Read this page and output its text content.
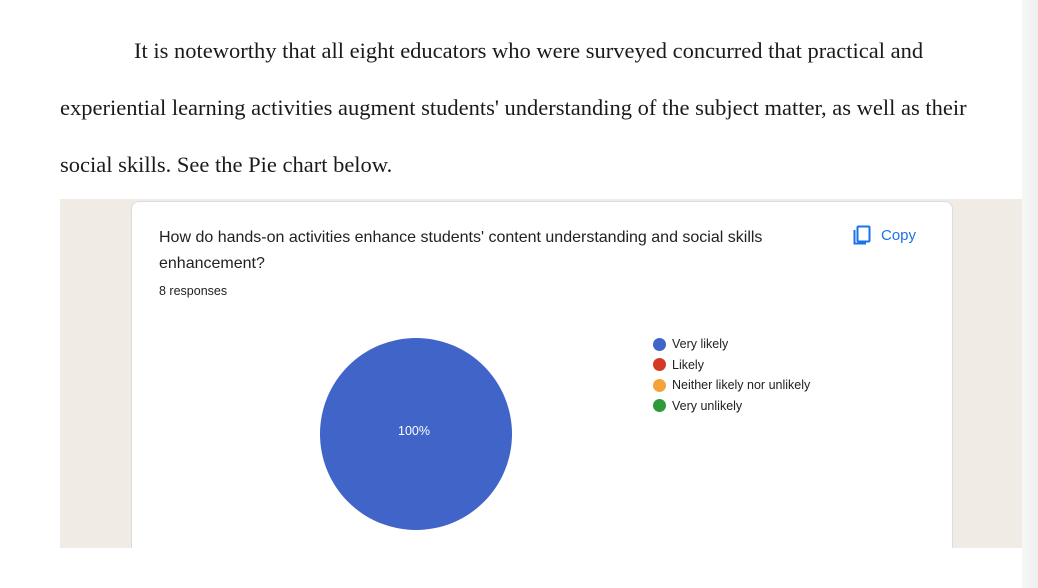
It is noteworthy that all eight educators who were surveyed concurred that practical and experiential learning activities augment students' understanding of the subject matter, as well as their social skills. See the Pie chart below.

How do hands-on activities enhance students' content understanding and social skills enhancement?
8 responses
Copy
100%
Very likely
Likely
Neither likely nor unlikely
Very unlikely
